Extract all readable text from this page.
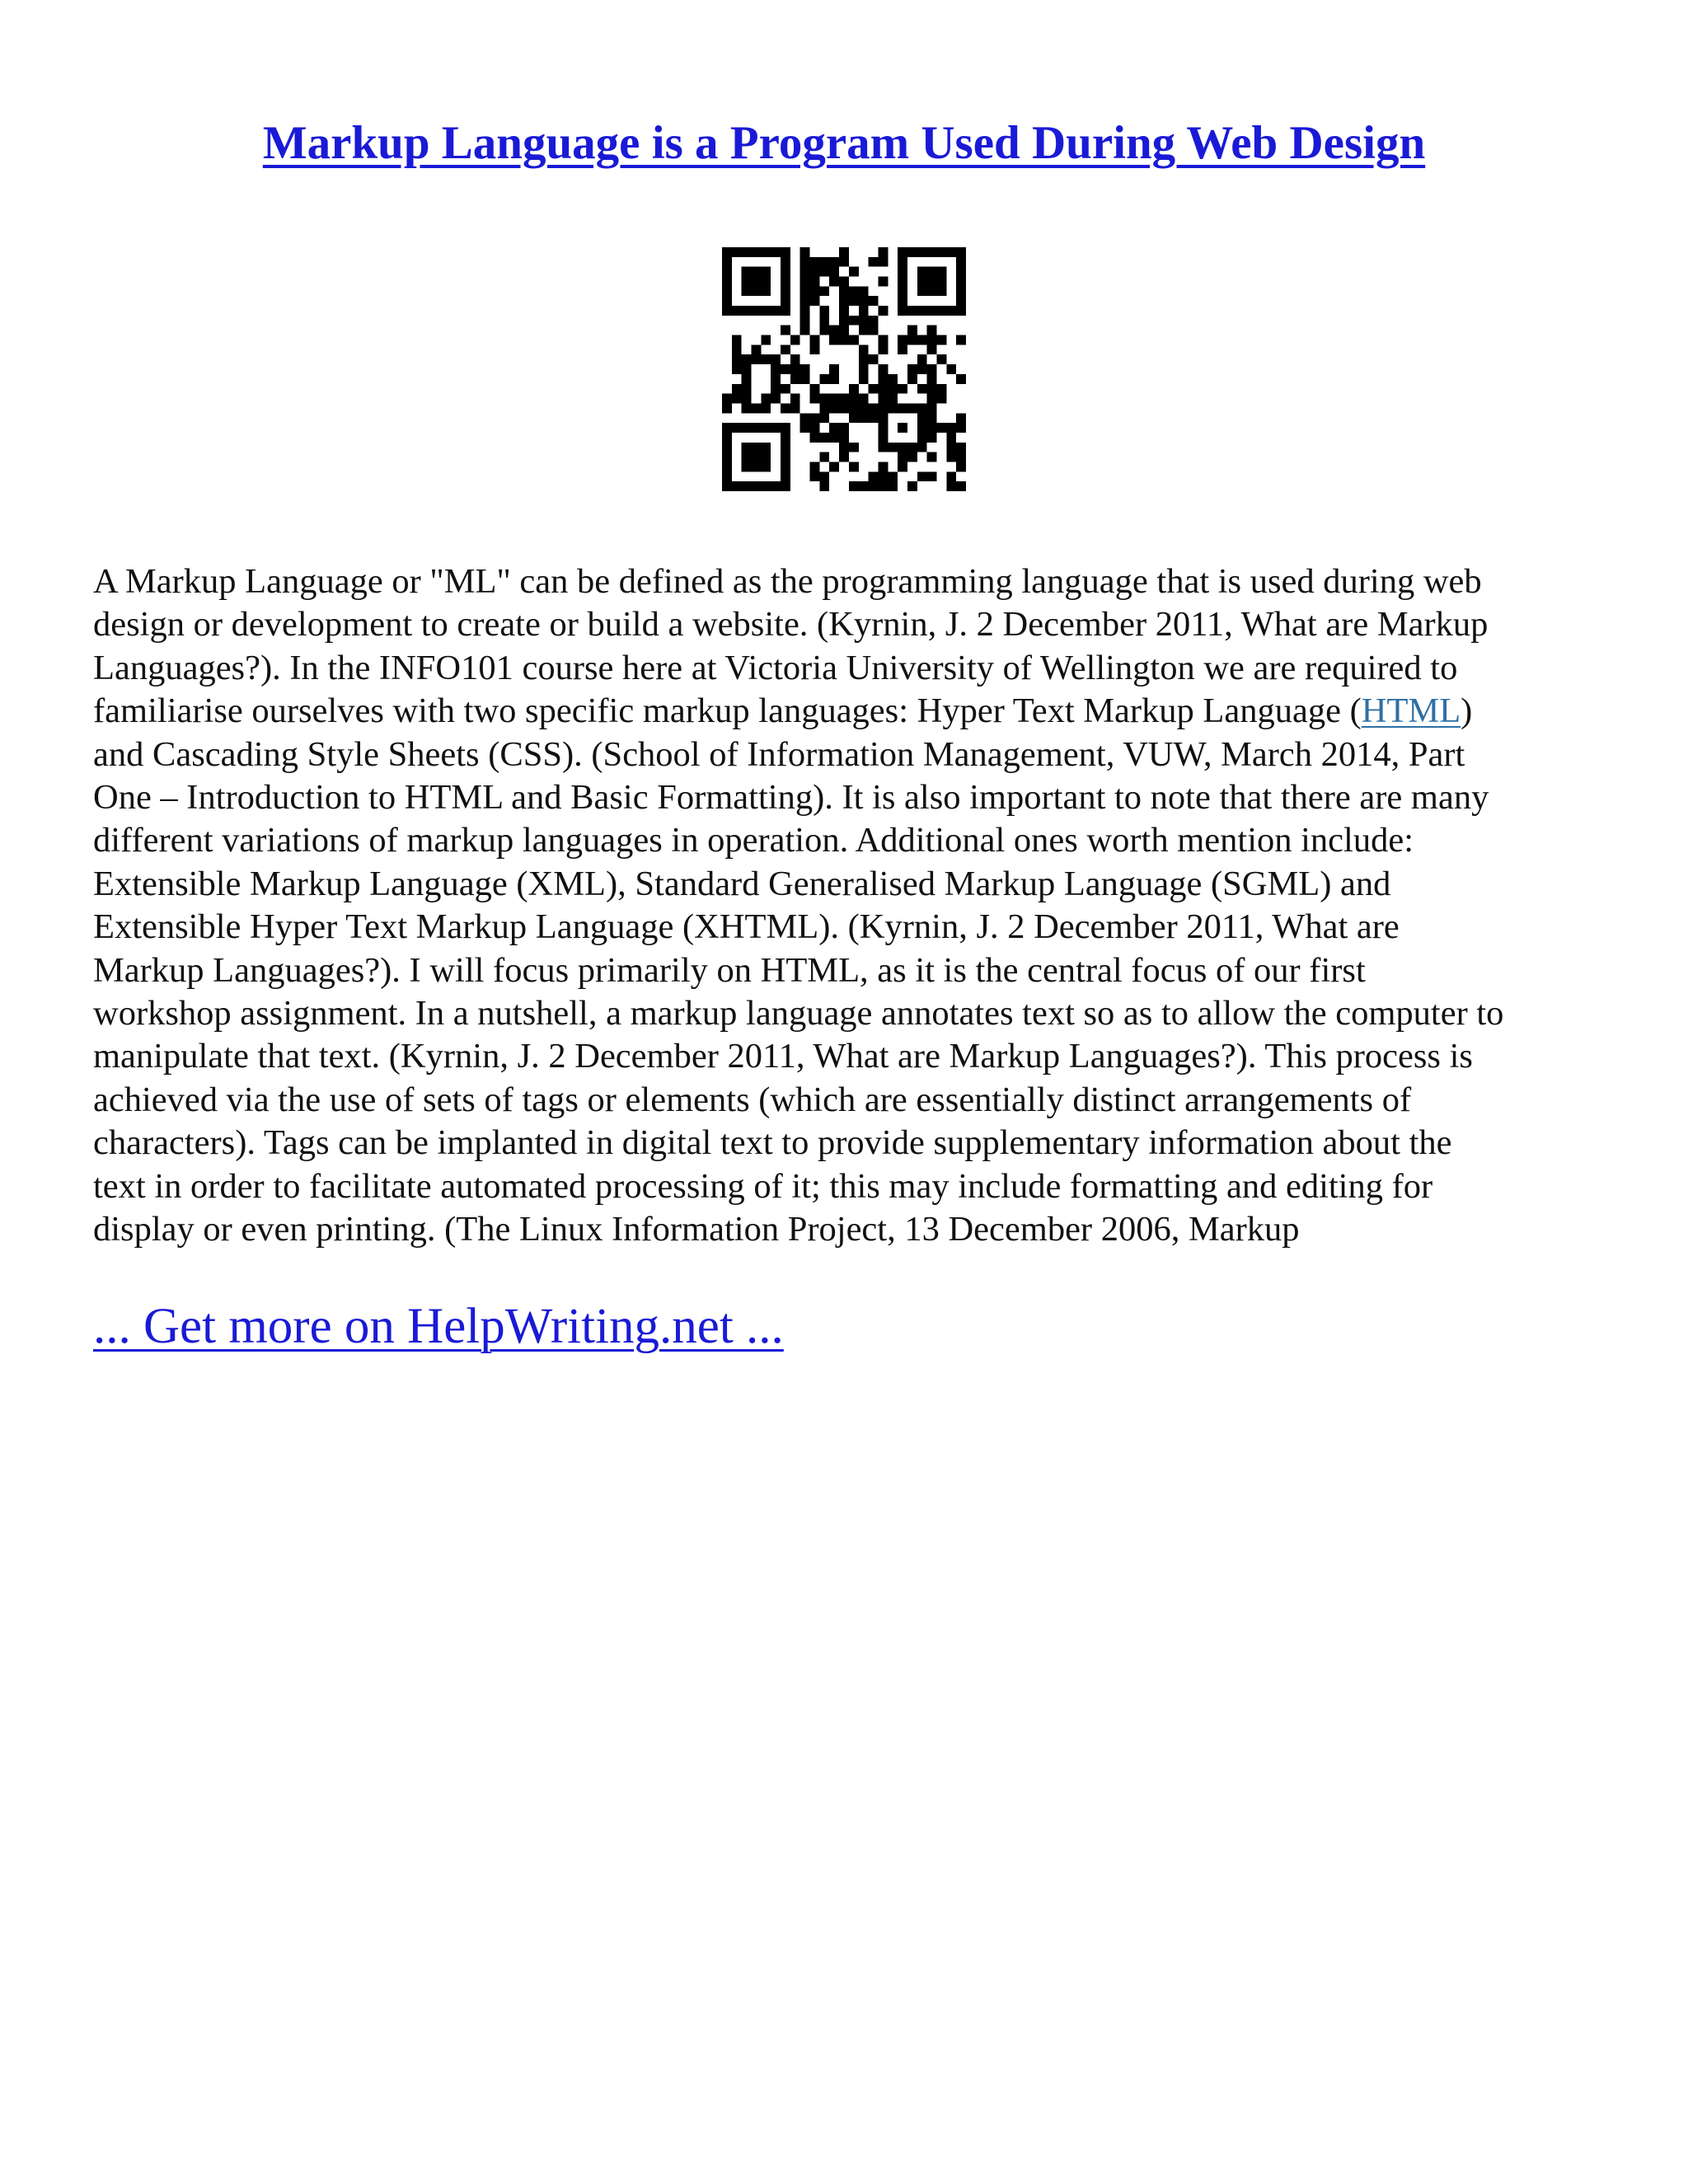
Markup Language is a Program Used During Web Design
A Markup Language or "ML" can be defined as the programming language that is used during web
design or development to create or build a website. (Kyrnin, J. 2 December 2011, What are Markup
Languages?). In the INFO101 course here at Victoria University of Wellington we are required to
familiarise ourselves with two specific markup languages: Hyper Text Markup Language (HTML)
and Cascading Style Sheets (CSS). (School of Information Management, VUW, March 2014, Part
One – Introduction to HTML and Basic Formatting). It is also important to note that there are many
different variations of markup languages in operation. Additional ones worth mention include:
Extensible Markup Language (XML), Standard Generalised Markup Language (SGML) and
Extensible Hyper Text Markup Language (XHTML). (Kyrnin, J. 2 December 2011, What are
Markup Languages?). I will focus primarily on HTML, as it is the central focus of our first
workshop assignment. In a nutshell, a markup language annotates text so as to allow the computer to
manipulate that text. (Kyrnin, J. 2 December 2011, What are Markup Languages?). This process is
achieved via the use of sets of tags or elements (which are essentially distinct arrangements of
characters). Tags can be implanted in digital text to provide supplementary information about the
text in order to facilitate automated processing of it; this may include formatting and editing for
display or even printing. (The Linux Information Project, 13 December 2006, Markup

... Get more on HelpWriting.net ...
